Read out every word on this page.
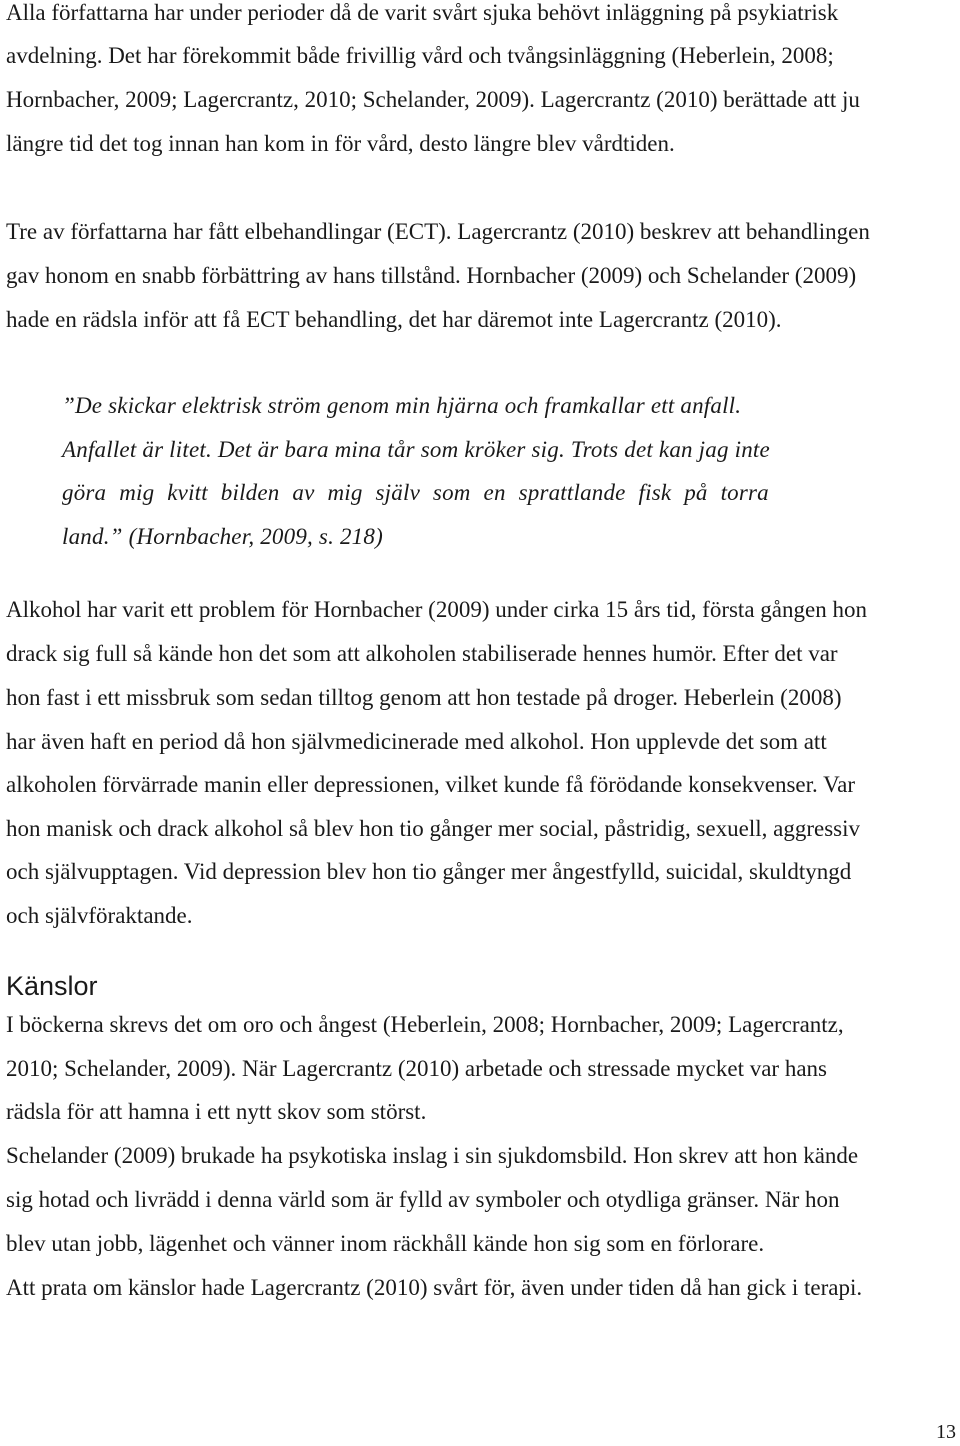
Alla författarna har under perioder då de varit svårt sjuka behövt inläggning på psykiatrisk
avdelning. Det har förekommit både frivillig vård och tvångsinläggning (Heberlein, 2008;
Hornbacher, 2009; Lagercrantz, 2010; Schelander, 2009). Lagercrantz (2010) berättade att ju
längre tid det tog innan han kom in för vård, desto längre blev vårdtiden.
Tre av författarna har fått elbehandlingar (ECT). Lagercrantz (2010) beskrev att behandlingen
gav honom en snabb förbättring av hans tillstånd. Hornbacher (2009) och Schelander (2009)
hade en rädsla inför att få ECT behandling, det har däremot inte Lagercrantz (2010).
”De skickar elektrisk ström genom min hjärna och framkallar ett anfall.
Anfallet är litet. Det är bara mina tår som kröker sig. Trots det kan jag inte
göra mig kvitt bilden av mig själv som en sprattlande fisk på torra
land.” (Hornbacher, 2009, s. 218)
Alkohol har varit ett problem för Hornbacher (2009) under cirka 15 års tid, första gången hon
drack sig full så kände hon det som att alkoholen stabiliserade hennes humör. Efter det var
hon fast i ett missbruk som sedan tilltog genom att hon testade på droger. Heberlein (2008)
har även haft en period då hon självmedicinerade med alkohol. Hon upplevde det som att
alkoholen förvärrade manin eller depressionen, vilket kunde få förödande konsekvenser. Var
hon manisk och drack alkohol så blev hon tio gånger mer social, påstridig, sexuell, aggressiv
och självupptagen. Vid depression blev hon tio gånger mer ångestfylld, suicidal, skuldtyngd
och självföraktande.
Känslor
I böckerna skrevs det om oro och ångest (Heberlein, 2008; Hornbacher, 2009; Lagercrantz,
2010; Schelander, 2009). När Lagercrantz (2010) arbetade och stressade mycket var hans
rädsla för att hamna i ett nytt skov som störst.
Schelander (2009) brukade ha psykotiska inslag i sin sjukdomsbild. Hon skrev att hon kände
sig hotad och livrädd i denna värld som är fylld av symboler och otydliga gränser. När hon
blev utan jobb, lägenhet och vänner inom räckhåll kände hon sig som en förlorare.
Att prata om känslor hade Lagercrantz (2010) svårt för, även under tiden då han gick i terapi.
13
